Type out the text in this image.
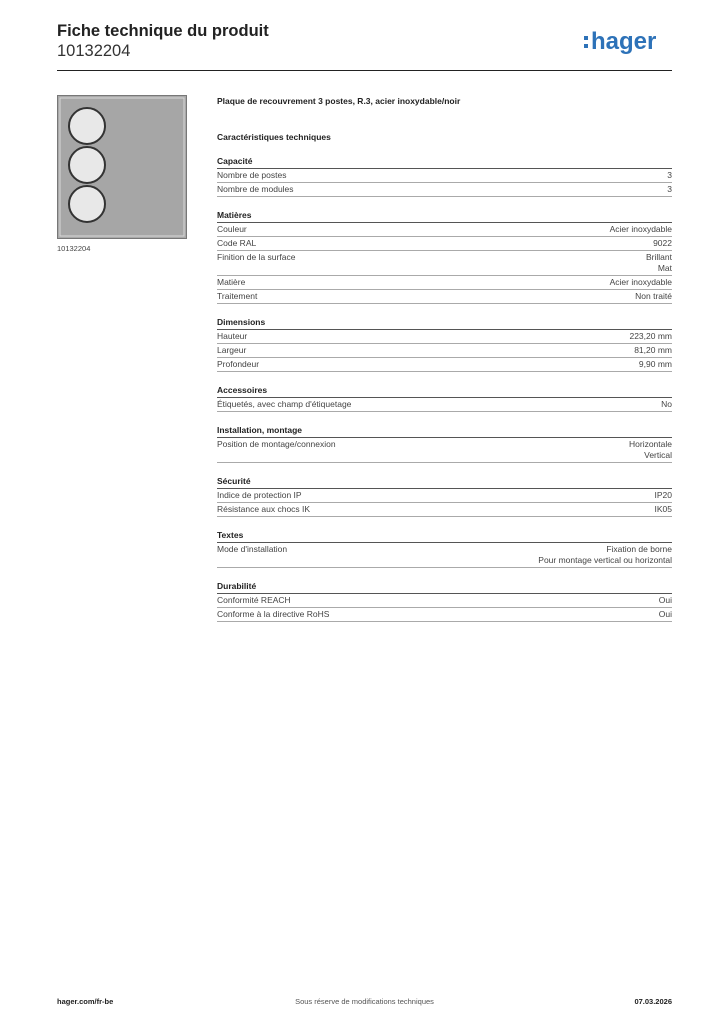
Fiche technique du produit
10132204	hager
10132204
Plaque de recouvrement 3 postes, R.3, acier inoxydable/noir
Caractéristiques techniques
Capacité
Nombre de postes	3
Nombre de modules	3
Matières
Couleur	Acier inoxydable
Code RAL	9022
Finition de la surface	Brillant
Mat
Matière	Acier inoxydable
Traitement	Non traité
Dimensions
Hauteur	223,20 mm
Largeur	81,20 mm
Profondeur	9,90 mm
Accessoires
Étiquetés, avec champ d'étiquetage	No
Installation, montage
Position de montage/connexion	Horizontale
Vertical
Sécurité
Indice de protection IP	IP20
Résistance aux chocs IK	IK05
Textes
Mode d'installation	Fixation de borne
Pour montage vertical ou horizontal
Durabilité
Conformité REACH	Oui
Conforme à la directive RoHS	Oui
hager.com/fr-be	Sous réserve de modifications techniques	07.03.2026
